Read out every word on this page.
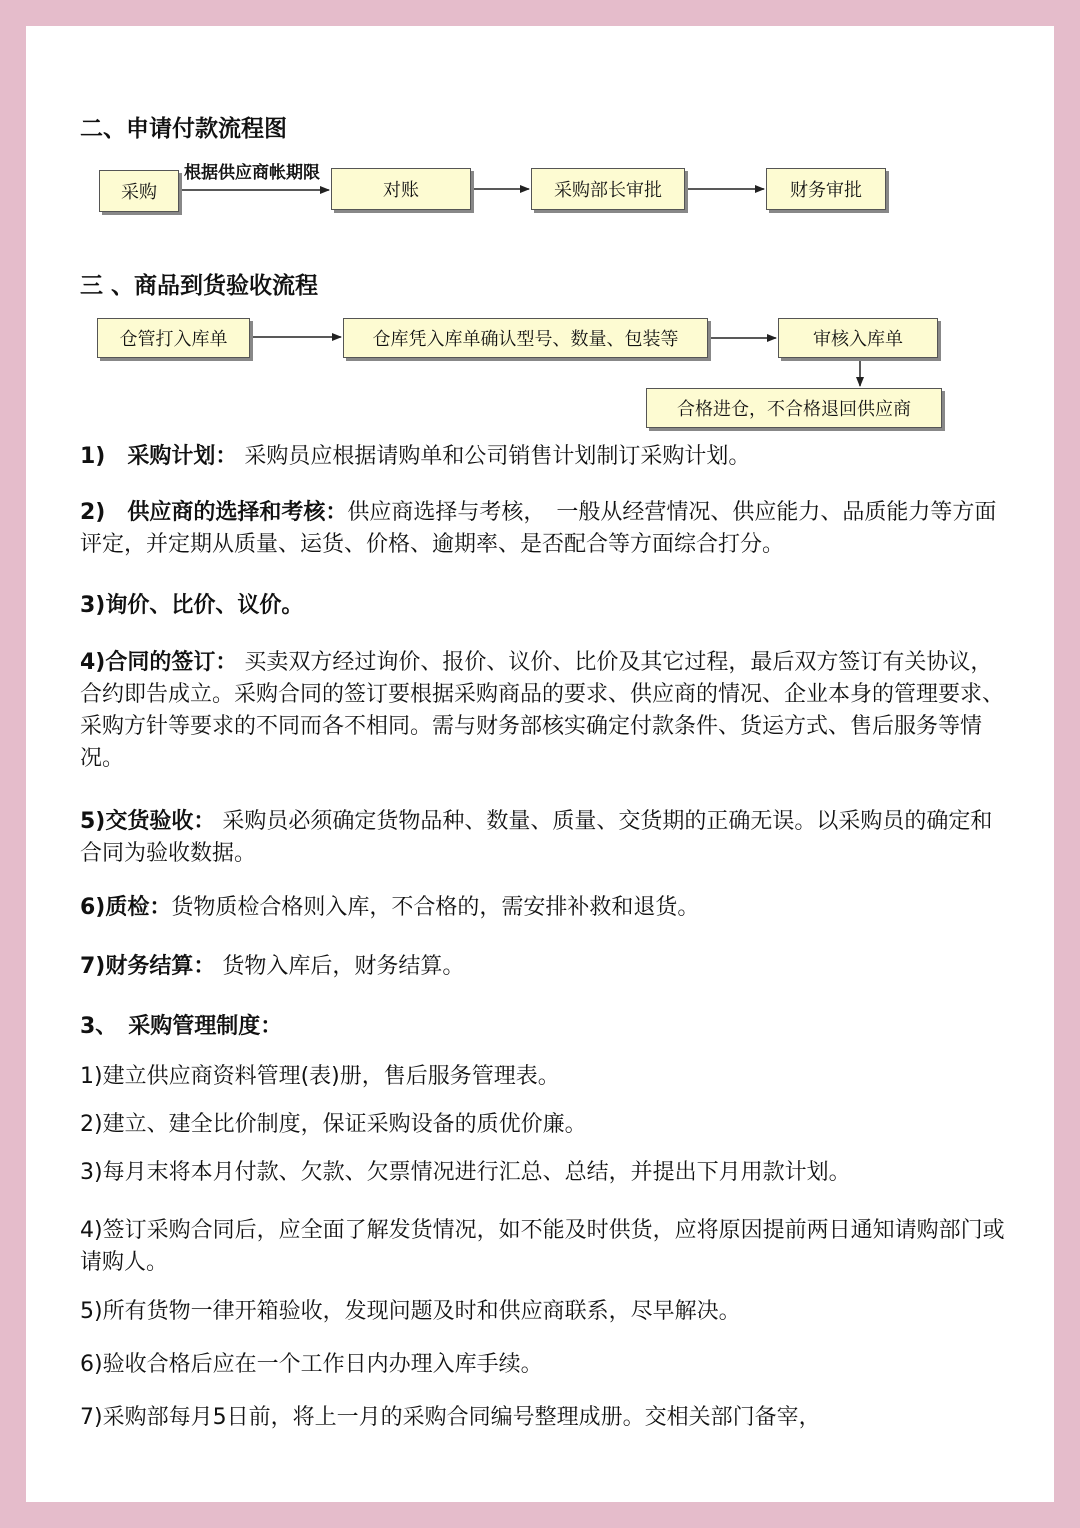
二、申请付款流程图
根据供应商帐期限
采购	对账	采购部长审批	财务审批
三 、商品到货验收流程
仓管打入库单	仓库凭入库单确认型号、数量、包装等	审核入库单
合格进仓，不合格退回供应商
1)　采购计划： 采购员应根据请购单和公司销售计划制订采购计划。
2)　供应商的选择和考核：供应商选择与考核，　一般从经营情况、供应能力、品质能力等方面评定，并定期从质量、运货、价格、逾期率、是否配合等方面综合打分。
3)询价、比价、议价。
4)合同的签订： 买卖双方经过询价、报价、议价、比价及其它过程，最后双方签订有关协议，合约即告成立。采购合同的签订要根据采购商品的要求、供应商的情况、企业本身的管理要求、采购方针等要求的不同而各不相同。需与财务部核实确定付款条件、货运方式、售后服务等情况。
5)交货验收： 采购员必须确定货物品种、数量、质量、交货期的正确无误。以采购员的确定和合同为验收数据。
6)质检：货物质检合格则入库，不合格的，需安排补救和退货。
7)财务结算： 货物入库后，财务结算。
3、　采购管理制度：
1)建立供应商资料管理(表)册，售后服务管理表。
2)建立、建全比价制度，保证采购设备的质优价廉。
3)每月末将本月付款、欠款、欠票情况进行汇总、总结，并提出下月用款计划。
4)签订采购合同后，应全面了解发货情况，如不能及时供货，应将原因提前两日通知请购部门或请购人。
5)所有货物一律开箱验收，发现问题及时和供应商联系，尽早解决。
6)验收合格后应在一个工作日内办理入库手续。
7)采购部每月5日前，将上一月的采购合同编号整理成册。交相关部门备宰，
